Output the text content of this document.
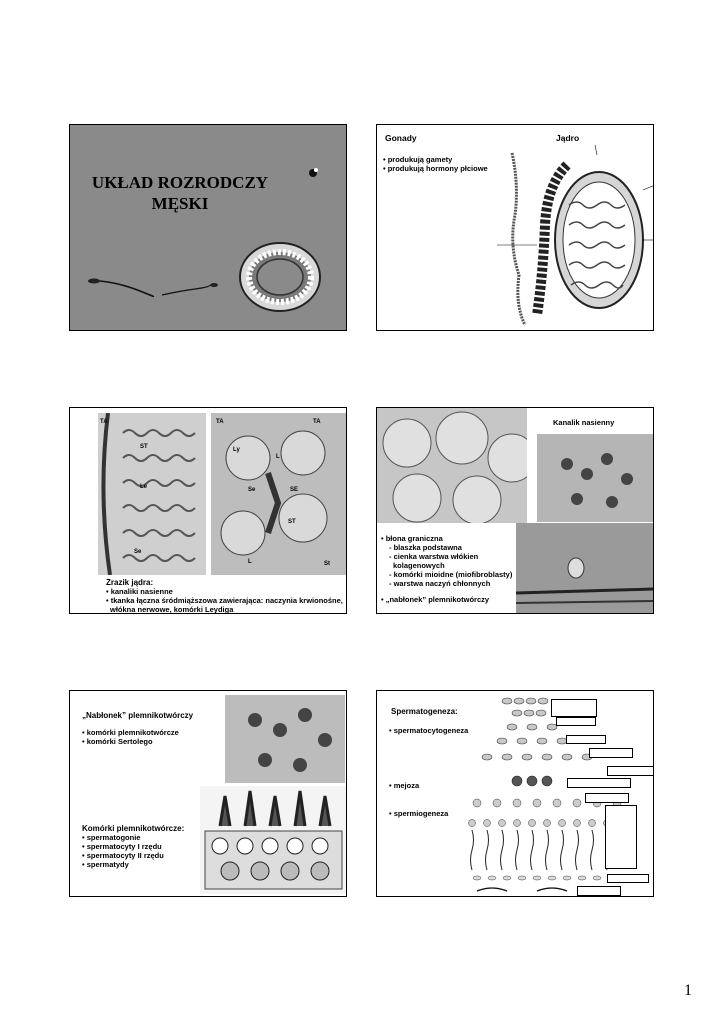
UKŁAD ROZRODCZY
MĘSKI
Gonady	Jądro
• produkują gamety
• produkują hormony płciowe
TA
ST
Le
Se
TA	TA
Ly
L
Se	SE
ST
L	St
Zrazik jądra:
• kanaliki nasienne
• tkanka łączna śródmiąższowa zawierająca: naczynia krwionośne,
włókna nerwowe, komórki Leydiga
Kanalik nasienny
• błona graniczna
- blaszka podstawna
- cienka warstwa włókien
kolagenowych
- komórki mioidne (miofibroblasty)
- warstwa naczyń chłonnych
• „nabłonek” plemnikotwórczy
„Nabłonek” plemnikotwórczy
• komórki plemnikotwórcze
• komórki Sertolego
Komórki plemnikotwórcze:
• spermatogonie
• spermatocyty I rzędu
• spermatocyty II rzędu
• spermatydy
Spermatogeneza:
• spermatocytogeneza
• mejoza
• spermiogeneza
1
